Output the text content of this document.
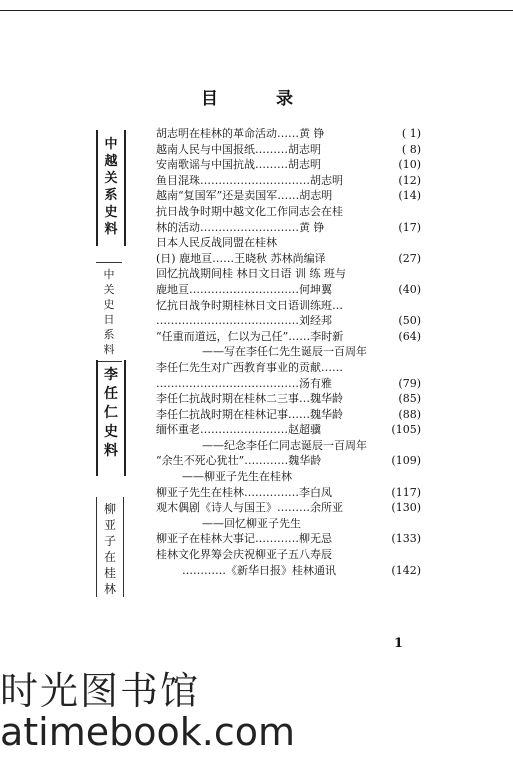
目 录
中
越
关
系
史
料
中
关
史

日
系
料
李
任
仁
史
料
柳
亚
子
在
桂
林
胡志明在桂林的革命活动……黄 铮	( 1)
越南人民与中国报纸………胡志明	( 8)
安南歌谣与中国抗战………胡志明	(10)
鱼目混珠…………………………胡志明	(12)
越南“复国军”还是卖国军……胡志明	(14)
抗日战争时期中越文化工作同志会在桂
林的活动………………………黄 铮	(17)
日本人民反战同盟在桂林
(日) 鹿地亘……王晓秋 苏林尚编译	(27)
回忆抗战期间桂 林日文日语 训 练 班与
鹿地亘…………………………何坤翼	(40)
忆抗日战争时期桂林日文日语训练班…
…………………………………刘经邦	(50)
“任重而道远，仁以为己任”……李时新	(64)
——写在李任仁先生诞辰一百周年
李任仁先生对广西教育事业的贡献……
…………………………………汤有雅	(79)
李任仁抗战时期在桂林二三事…魏华龄	(85)
李任仁抗战时期在桂林记事……魏华龄	(88)
缅怀重老……………………赵超骥	(105)
——纪念李任仁同志诞辰一百周年
“余生不死心犹壮”…………魏华龄	(109)
——柳亚子先生在桂林
柳亚子先生在桂林……………李白凤	(117)
观木偶剧《诗人与国王》………余所亚	(130)
——回忆柳亚子先生
柳亚子在桂林大事记…………柳无忌	(133)
桂林文化界筹会庆祝柳亚子五八寿辰
…………《新华日报》桂林通讯	(142)
1
时光图书馆
atimebook.com
